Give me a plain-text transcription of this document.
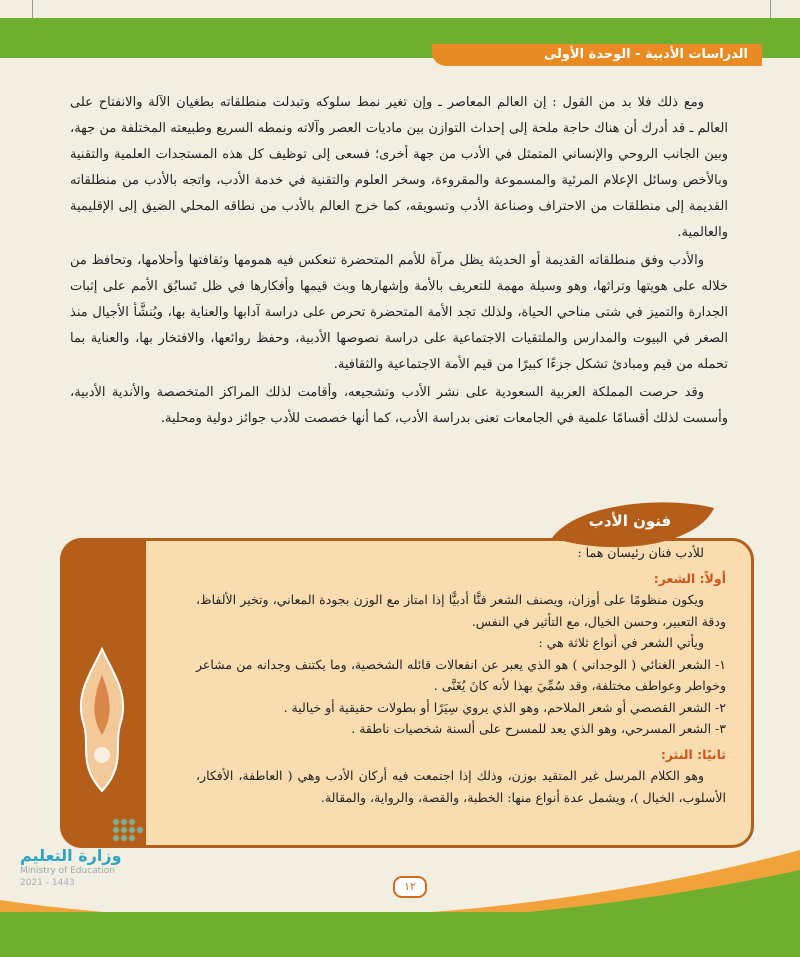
الدراسات الأدبية - الوحدة الأولى

ومع ذلك فلا بد من القول : إن العالم المعاصر ـ وإن تغير نمط سلوكه وتبدلت منطلقاته بطغيان الآلة والانفتاح على العالم ـ قد أدرك أن هناك حاجة ملحة إلى إحداث التوازن بين ماديات العصر وآلاته ونمطه السريع وطبيعته المختلفة من جهة، وبين الجانب الروحي والإنساني المتمثل في الأدب من جهة أخرى؛ فسعى إلى توظيف كل هذه المستجدات العلمية والتقنية وبالأخص وسائل الإعلام المرئية والمسموعة والمقروءة، وسخر العلوم والتقنية في خدمة الأدب، واتجه بالأدب من منطلقاته القديمة إلى منطلقات من الاحتراف وصناعة الأدب وتسويقه، كما خرج العالم بالأدب من نطاقه المحلي الضيق إلى الإقليمية والعالمية.

والأدب وفق منطلقاته القديمة أو الحديثة يظل مرآة للأمم المتحضرة تنعكس فيه همومها وثقافتها وأحلامها، وتحافظ من خلاله على هويتها وتراثها، وهو وسيلة مهمة للتعريف بالأمة وإشهارها وبث قيمها وأفكارها في ظل تَسابُق الأمم على إثبات الجدارة والتميز في شتى مناحي الحياة، ولذلك تجد الأمة المتحضرة تحرص على دراسة آدابها والعناية بها، ويُنشَّأ الأجيال منذ الصغر في البيوت والمدارس والملتقيات الاجتماعية على دراسة نصوصها الأدبية، وحفظ روائعها، والافتخار بها، والعناية بما تحمله من قيم ومبادئ تشكل جزءًا كبيرًا من قيم الأمة الاجتماعية والثقافية.

وقد حرصت المملكة العربية السعودية على نشر الأدب وتشجيعه، وأقامت لذلك المراكز المتخصصة والأندية الأدبية، وأسست لذلك أقسامًا علمية في الجامعات تعنى بدراسة الأدب، كما أنها خصصت للأدب جوائز دولية ومحلية.

فنون الأدب

للأدب فنان رئيسان هما :

أولاً: الشعر:

ويكون منظومًا على أوزان، ويصنف الشعر فنًّا أدبيًّا إذا امتاز مع الوزن بجودة المعاني، وتخير الألفاظ، ودقة التعبير، وحسن الخيال، مع التأثير في النفس.

ويأتي الشعر في أنواع ثلاثة هي :

١- الشعر الغنائي ( الوجداني ) هو الذي يعبر عن انفعالات قائله الشخصية، وما يكتنف وجدانه من مشاعر وخواطر وعواطف مختلفة، وقد سُمِّيَ بهذا لأنه كانَ يُغَنَّى .

٢- الشعر القصصي أو شعر الملاحم، وهو الذي يروي سِيَرًا أو بطولات حقيقية أو خيالية .

٣- الشعر المسرحي، وهو الذي يعد للمسرح على ألسنة شخصيات ناطقة .

ثانيًا: النثر:

وهو الكلام المرسل غير المتقيد بوزن، وذلك إذا اجتمعت فيه أركان الأدب وهي ( العاطفة، الأفكار، الأسلوب، الخيال )، ويشمل عدة أنواع منها: الخطبة، والقصة، والرواية، والمقالة.

١٢
وزارة التعليم
Ministry of Education
2021 - 1443
